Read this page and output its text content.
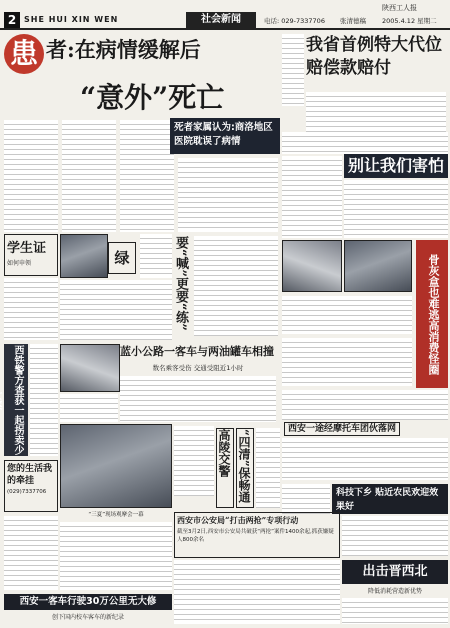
2 SHE HUI XIN WEN	社会新闻	电话: 029-7337706 张清德稿
陕西工人报
2005.4.12 星期二
患 者:在病情缓解后
“意外”死亡
死者家属认为:商洛地区医院耽误了病情
我省首例特大代位赔偿款赔付
别让我们害怕
学生证
如何申领	绿	要“喊”更要“练”	骨灰盒也难逃高消费怪圈
西铁警方查获一起拐卖少
您的生活我的牵挂
(029)7337706
蓝小公路一客车与两油罐车相撞
数名乘客受伤 交通受阻近1小时
“三夏”现场观摩会一幕
高陵交警 “四清”保畅通	西安一途经摩托车团伙落网
科技下乡 贴近农民欢迎效果好
西安市公安局“打击两抢”专项行动
截至3月2日,西安市公安局共破获“两抢”案件1400余起,抓获嫌疑人800余名
西安一客车行驶30万公里无大修
创下国内校车客车的新纪录
出击晋西北
降低消耗营造新优势
